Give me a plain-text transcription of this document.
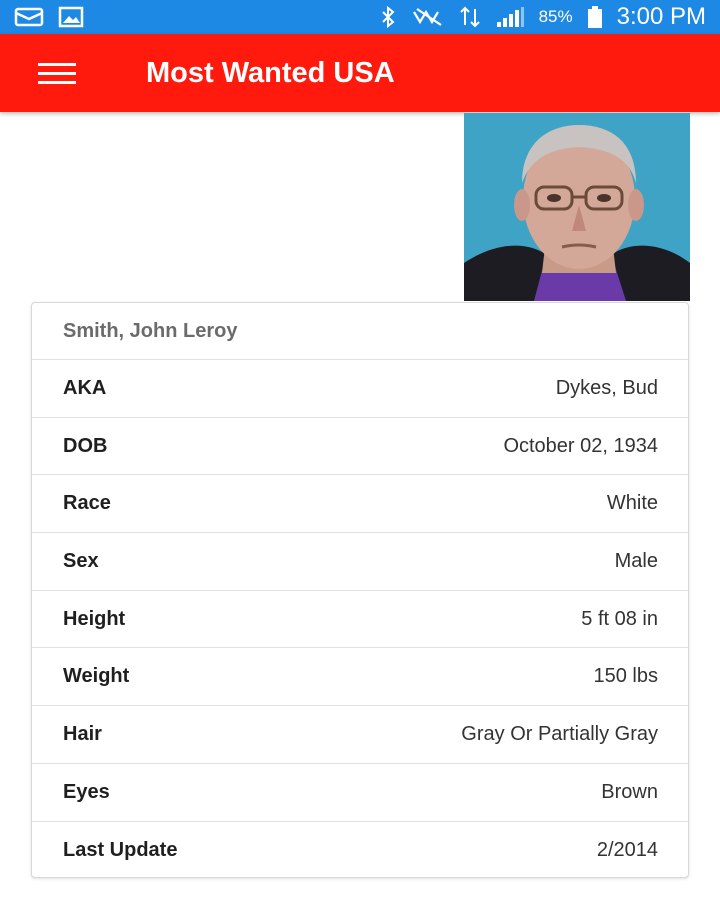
85% 3:00 PM
Most Wanted USA
Smith, John Leroy
AKA	Dykes, Bud
DOB	October 02, 1934
Race	White
Sex	Male
Height	5 ft 08 in
Weight	150 lbs
Hair	Gray Or Partially Gray
Eyes	Brown
Last Update	2/2014
